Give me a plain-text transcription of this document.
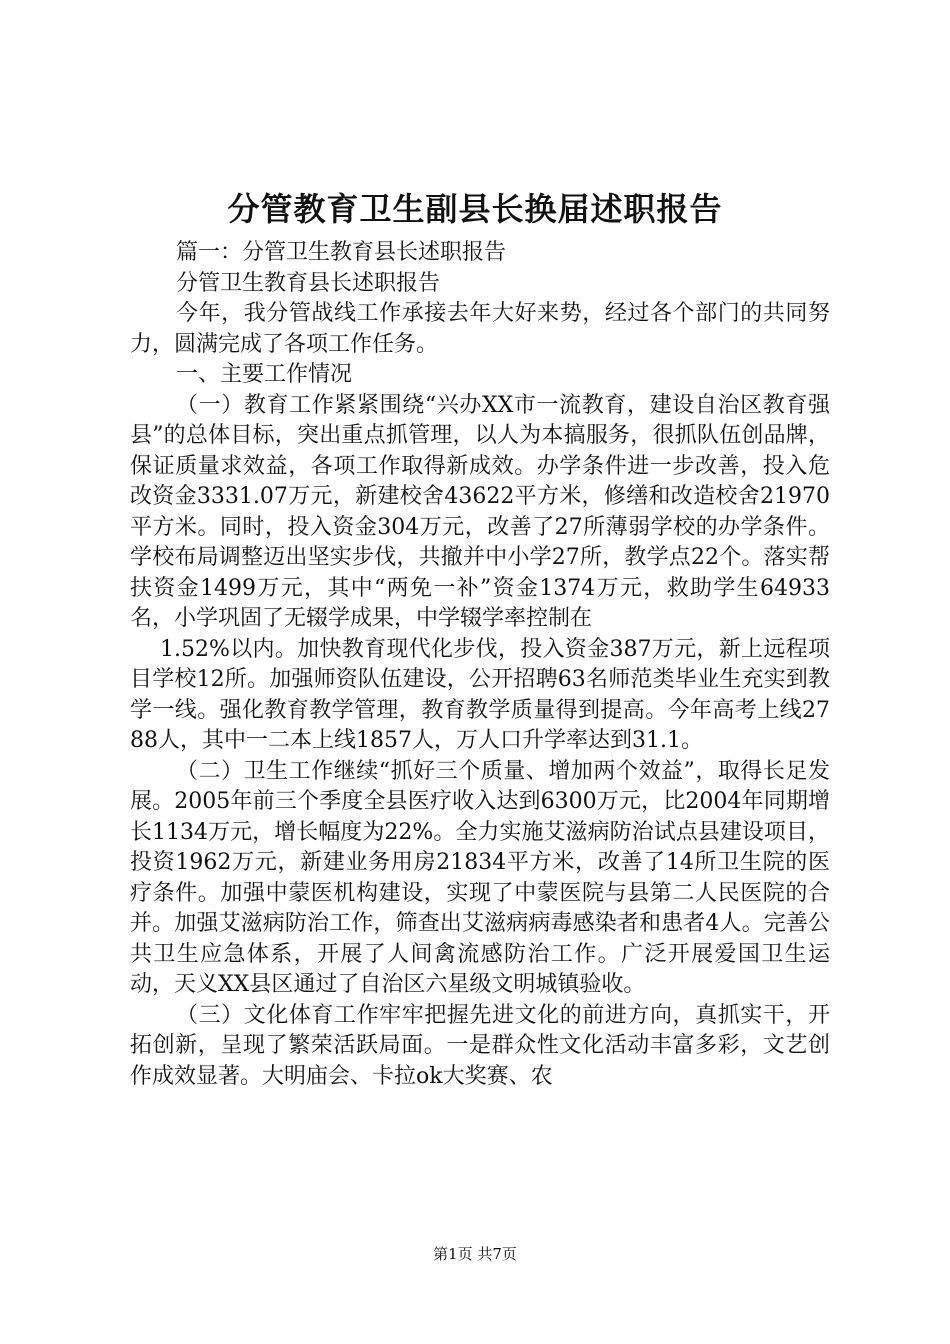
分管教育卫生副县长换届述职报告

篇一：分管卫生教育县长述职报告

分管卫生教育县长述职报告

今年，我分管战线工作承接去年大好来势，经过各个部门的共同努力，圆满完成了各项工作任务。

一、主要工作情况

（一）教育工作紧紧围绕“兴办XX市一流教育，建设自治区教育强县”的总体目标，突出重点抓管理，以人为本搞服务，很抓队伍创品牌，保证质量求效益，各项工作取得新成效。办学条件进一步改善，投入危改资金3331.07万元，新建校舍43622平方米，修缮和改造校舍21970平方米。同时，投入资金304万元，改善了27所薄弱学校的办学条件。学校布局调整迈出坚实步伐，共撤并中小学27所，教学点22个。落实帮扶资金1499万元，其中“两免一补”资金1374万元，救助学生64933名，小学巩固了无辍学成果，中学辍学率控制在

1.52%以内。加快教育现代化步伐，投入资金387万元，新上远程项目学校12所。加强师资队伍建设，公开招聘63名师范类毕业生充实到教学一线。强化教育教学管理，教育教学质量得到提高。今年高考上线2788人，其中一二本上线1857人，万人口升学率达到31.1。

（二）卫生工作继续“抓好三个质量、增加两个效益”，取得长足发展。2005年前三个季度全县医疗收入达到6300万元，比2004年同期增长1134万元，增长幅度为22%。全力实施艾滋病防治试点县建设项目，投资1962万元，新建业务用房21834平方米，改善了14所卫生院的医疗条件。加强中蒙医机构建设，实现了中蒙医院与县第二人民医院的合并。加强艾滋病防治工作，筛查出艾滋病病毒感染者和患者4人。完善公共卫生应急体系，开展了人间禽流感防治工作。广泛开展爱国卫生运动，天义XX县区通过了自治区六星级文明城镇验收。

（三）文化体育工作牢牢把握先进文化的前进方向，真抓实干，开拓创新，呈现了繁荣活跃局面。一是群众性文化活动丰富多彩，文艺创作成效显著。大明庙会、卡拉ok大奖赛、农

第1页 共7页
